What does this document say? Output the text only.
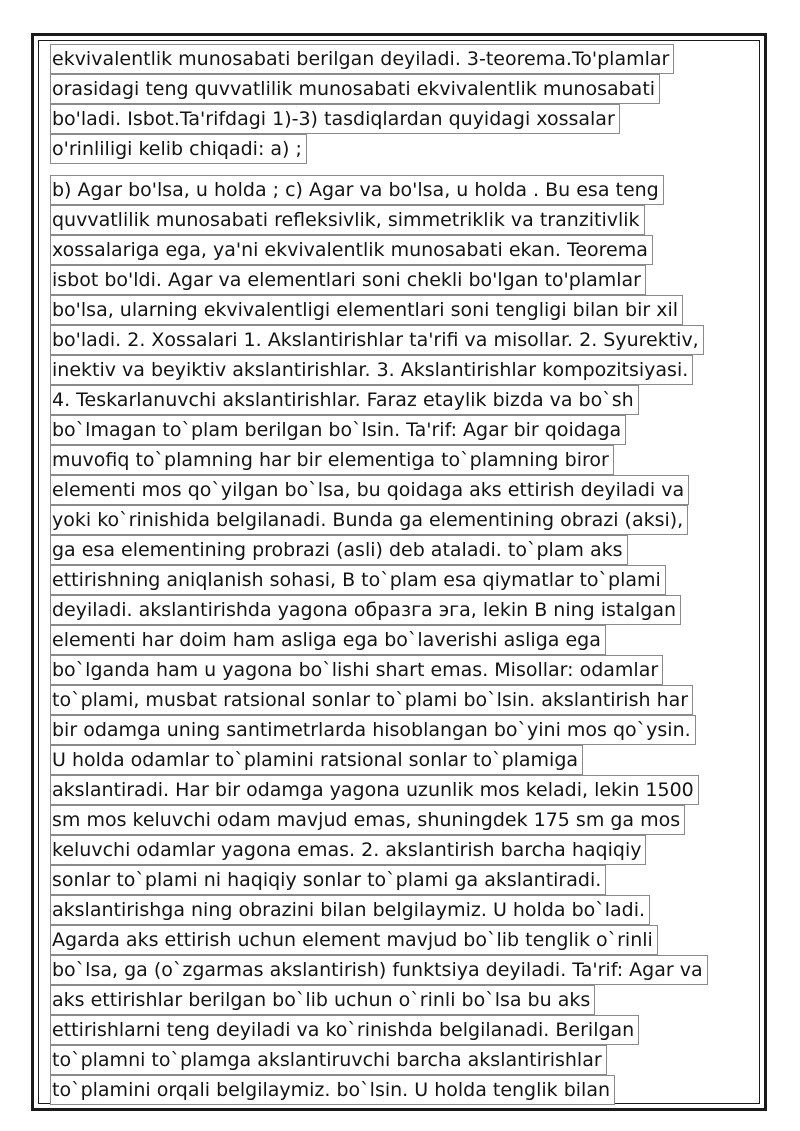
ekvivalentlik munosabati berilgan deyiladi. 3-teorema.To'plamlar
orasidagi teng quvvatlilik munosabati ekvivalentlik munosabati
bo'ladi. Isbot.Ta'rifdagi 1)-3) tasdiqlardan quyidagi xossalar
o'rinliligi kelib chiqadi: a) ;
b) Agar bo'lsa, u holda ; c) Agar va bo'lsa, u holda . Bu esa teng
quvvatlilik munosabati refleksivlik, simmetriklik va tranzitivlik
xossalariga ega, ya'ni ekvivalentlik munosabati ekan. Teorema
isbot bo'ldi. Agar va elementlari soni chekli bo'lgan to'plamlar
bo'lsa, ularning ekvivalentligi elementlari soni tengligi bilan bir xil
bo'ladi. 2. Xossalari 1. Akslantirishlar ta'rifi va misollar. 2. Syurektiv,
inektiv va beyiktiv akslantirishlar. 3. Akslantirishlar kompozitsiyasi.
4. Teskarlanuvchi akslantirishlar. Faraz etaylik bizda va bo`sh
bo`lmagan to`plam berilgan bo`lsin. Ta'rif: Agar bir qoidaga
muvofiq to`plamning har bir elementiga to`plamning biror
elementi mos qo`yilgan bo`lsa, bu qoidaga aks ettirish deyiladi va
yoki ko`rinishida belgilanadi. Bunda ga elementining obrazi (aksi),
ga esa elementining probrazi (asli) deb ataladi. to`plam aks
ettirishning aniqlanish sohasi, B to`plam esa qiymatlar to`plami
deyiladi. akslantirishda yagona образга эга, lekin B ning istalgan
elementi har doim ham asliga ega bo`laverishi asliga ega
bo`lganda ham u yagona bo`lishi shart emas. Misollar: odamlar
to`plami, musbat ratsional sonlar to`plami bo`lsin. akslantirish har
bir odamga uning santimetrlarda hisoblangan bo`yini mos qo`ysin.
U holda odamlar to`plamini ratsional sonlar to`plamiga
akslantiradi. Har bir odamga yagona uzunlik mos keladi, lekin 1500
sm mos keluvchi odam mavjud emas, shuningdek 175 sm ga mos
keluvchi odamlar yagona emas. 2. akslantirish barcha haqiqiy
sonlar to`plami ni haqiqiy sonlar to`plami ga akslantiradi.
akslantirishga ning obrazini bilan belgilaymiz. U holda bo`ladi.
Agarda aks ettirish uchun element mavjud bo`lib tenglik o`rinli
bo`lsa, ga (o`zgarmas akslantirish) funktsiya deyiladi. Ta'rif: Agar va
aks ettirishlar berilgan bo`lib uchun o`rinli bo`lsa bu aks
ettirishlarni teng deyiladi va ko`rinishda belgilanadi. Berilgan
to`plamni to`plamga akslantiruvchi barcha akslantirishlar
to`plamini orqali belgilaymiz. bo`lsin. U holda tenglik bilan
